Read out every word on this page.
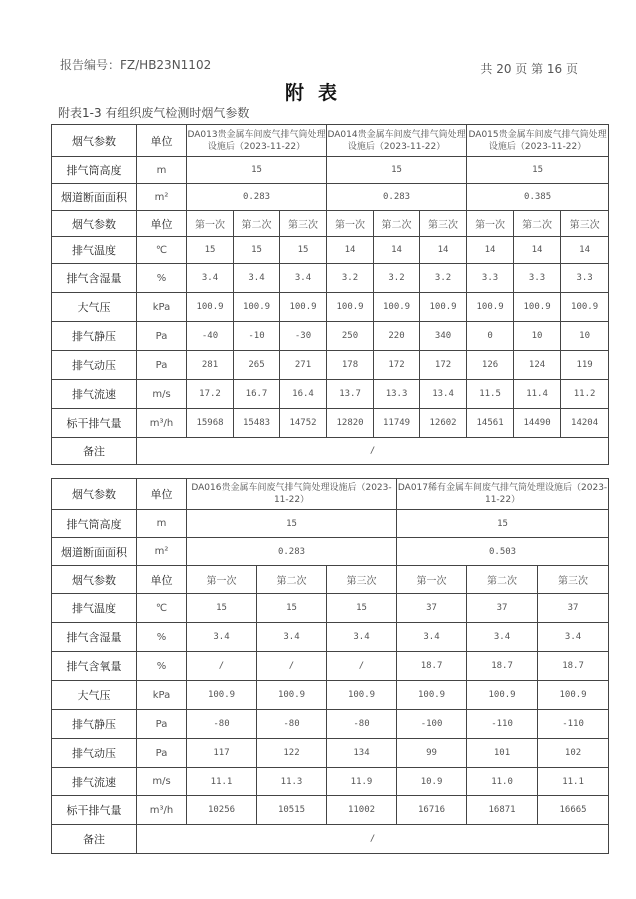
报告编号：FZ/HB23N1102	共 20 页 第 16 页
附表
附表1-3 有组织废气检测时烟气参数
烟气参数	单位	DA013贵金属车间废气排气筒处理设施后（2023-11-22）			DA014贵金属车间废气排气筒处理设施后（2023-11-22）			DA015贵金属车间废气排气筒处理设施后（2023-11-22）		
排气筒高度	m	15			15			15		
烟道断面面积	m²	0.283			0.283			0.385		
烟气参数	单位	第一次	第二次	第三次	第一次	第二次	第三次	第一次	第二次	第三次
排气温度	℃	15	15	15	14	14	14	14	14	14
排气含湿量	%	3.4	3.4	3.4	3.2	3.2	3.2	3.3	3.3	3.3
大气压	kPa	100.9	100.9	100.9	100.9	100.9	100.9	100.9	100.9	100.9
排气静压	Pa	-40	-10	-30	250	220	340	0	10	10
排气动压	Pa	281	265	271	178	172	172	126	124	119
排气流速	m/s	17.2	16.7	16.4	13.7	13.3	13.4	11.5	11.4	11.2
标干排气量	m³/h	15968	15483	14752	12820	11749	12602	14561	14490	14204
备注	/									
烟气参数	单位	DA016贵金属车间废气排气筒处理设施后（2023-11-22）			DA017稀有金属车间废气排气筒处理设施后（2023-11-22）		
排气筒高度	m	15			15		
烟道断面面积	m²	0.283			0.503		
烟气参数	单位	第一次	第二次	第三次	第一次	第二次	第三次
排气温度	℃	15	15	15	37	37	37
排气含湿量	%	3.4	3.4	3.4	3.4	3.4	3.4
排气含氧量	%	/	/	/	18.7	18.7	18.7
大气压	kPa	100.9	100.9	100.9	100.9	100.9	100.9
排气静压	Pa	-80	-80	-80	-100	-110	-110
排气动压	Pa	117	122	134	99	101	102
排气流速	m/s	11.1	11.3	11.9	10.9	11.0	11.1
标干排气量	m³/h	10256	10515	11002	16716	16871	16665
备注	/						
